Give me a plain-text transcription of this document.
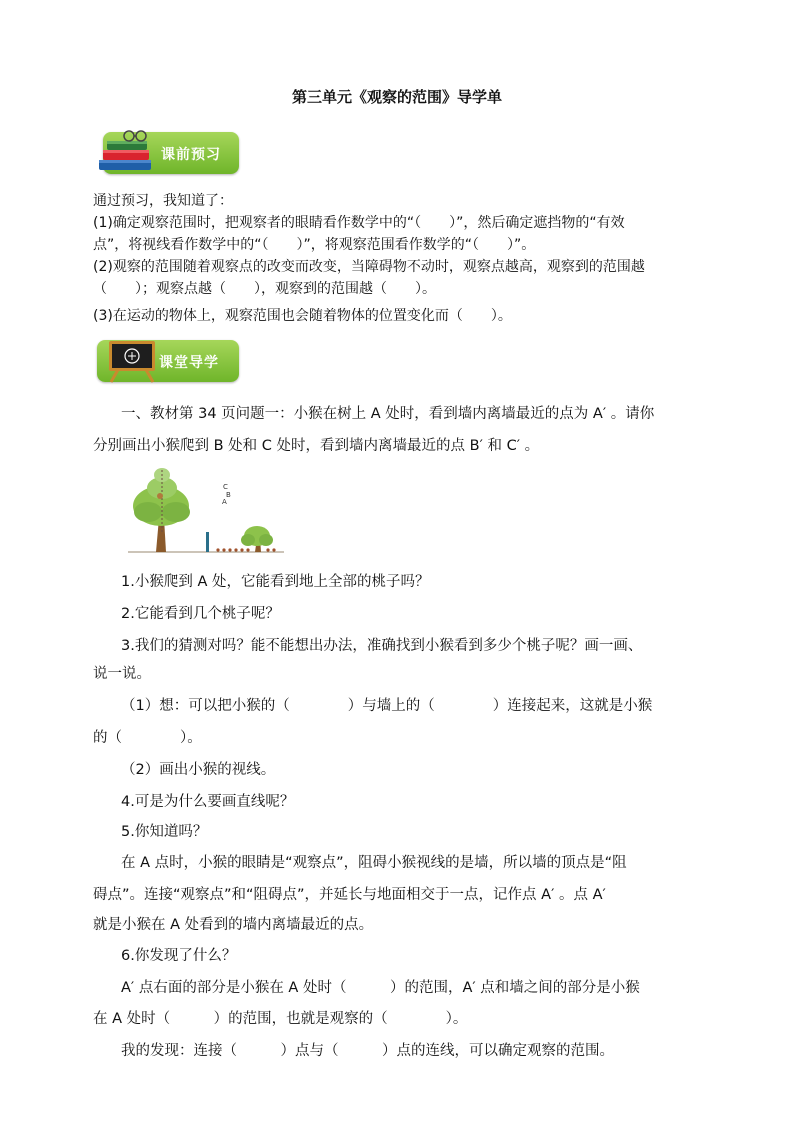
第三单元《观察的范围》导学单
课前预习
通过预习，我知道了：
(1)确定观察范围时，把观察者的眼睛看作数学中的“（　　）”，然后确定遮挡物的“有效
点”，将视线看作数学中的“（　　）”，将观察范围看作数学的“（　　）”。
(2)观察的范围随着观察点的改变而改变，当障碍物不动时，观察点越高，观察到的范围越
（　　）；观察点越（　　），观察到的范围越（　　）。
(3)在运动的物体上，观察范围也会随着物体的位置变化而（　　）。
课堂导学
一、教材第 34 页问题一：小猴在树上 A 处时，看到墙内离墙最近的点为 A′ 。请你
分别画出小猴爬到 B 处和 C 处时，看到墙内离墙最近的点 B′ 和 C′ 。
C
B
A
1.小猴爬到 A 处，它能看到地上全部的桃子吗？
2.它能看到几个桃子呢？
3.我们的猜测对吗？能不能想出办法，准确找到小猴看到多少个桃子呢？画一画、
说一说。
（1）想：可以把小猴的（　　　　）与墙上的（　　　　）连接起来，这就是小猴
的（　　　　）。
（2）画出小猴的视线。
4.可是为什么要画直线呢？
5.你知道吗？
在 A 点时，小猴的眼睛是“观察点”，阻碍小猴视线的是墙，所以墙的顶点是“阻
碍点”。连接“观察点”和“阻碍点”，并延长与地面相交于一点，记作点 A′ 。点 A′
就是小猴在 A 处看到的墙内离墙最近的点。
6.你发现了什么？
A′ 点右面的部分是小猴在 A 处时（　　　）的范围，A′ 点和墙之间的部分是小猴
在 A 处时（　　　）的范围，也就是观察的（　　　　）。
我的发现：连接（　　　）点与（　　　）点的连线，可以确定观察的范围。
